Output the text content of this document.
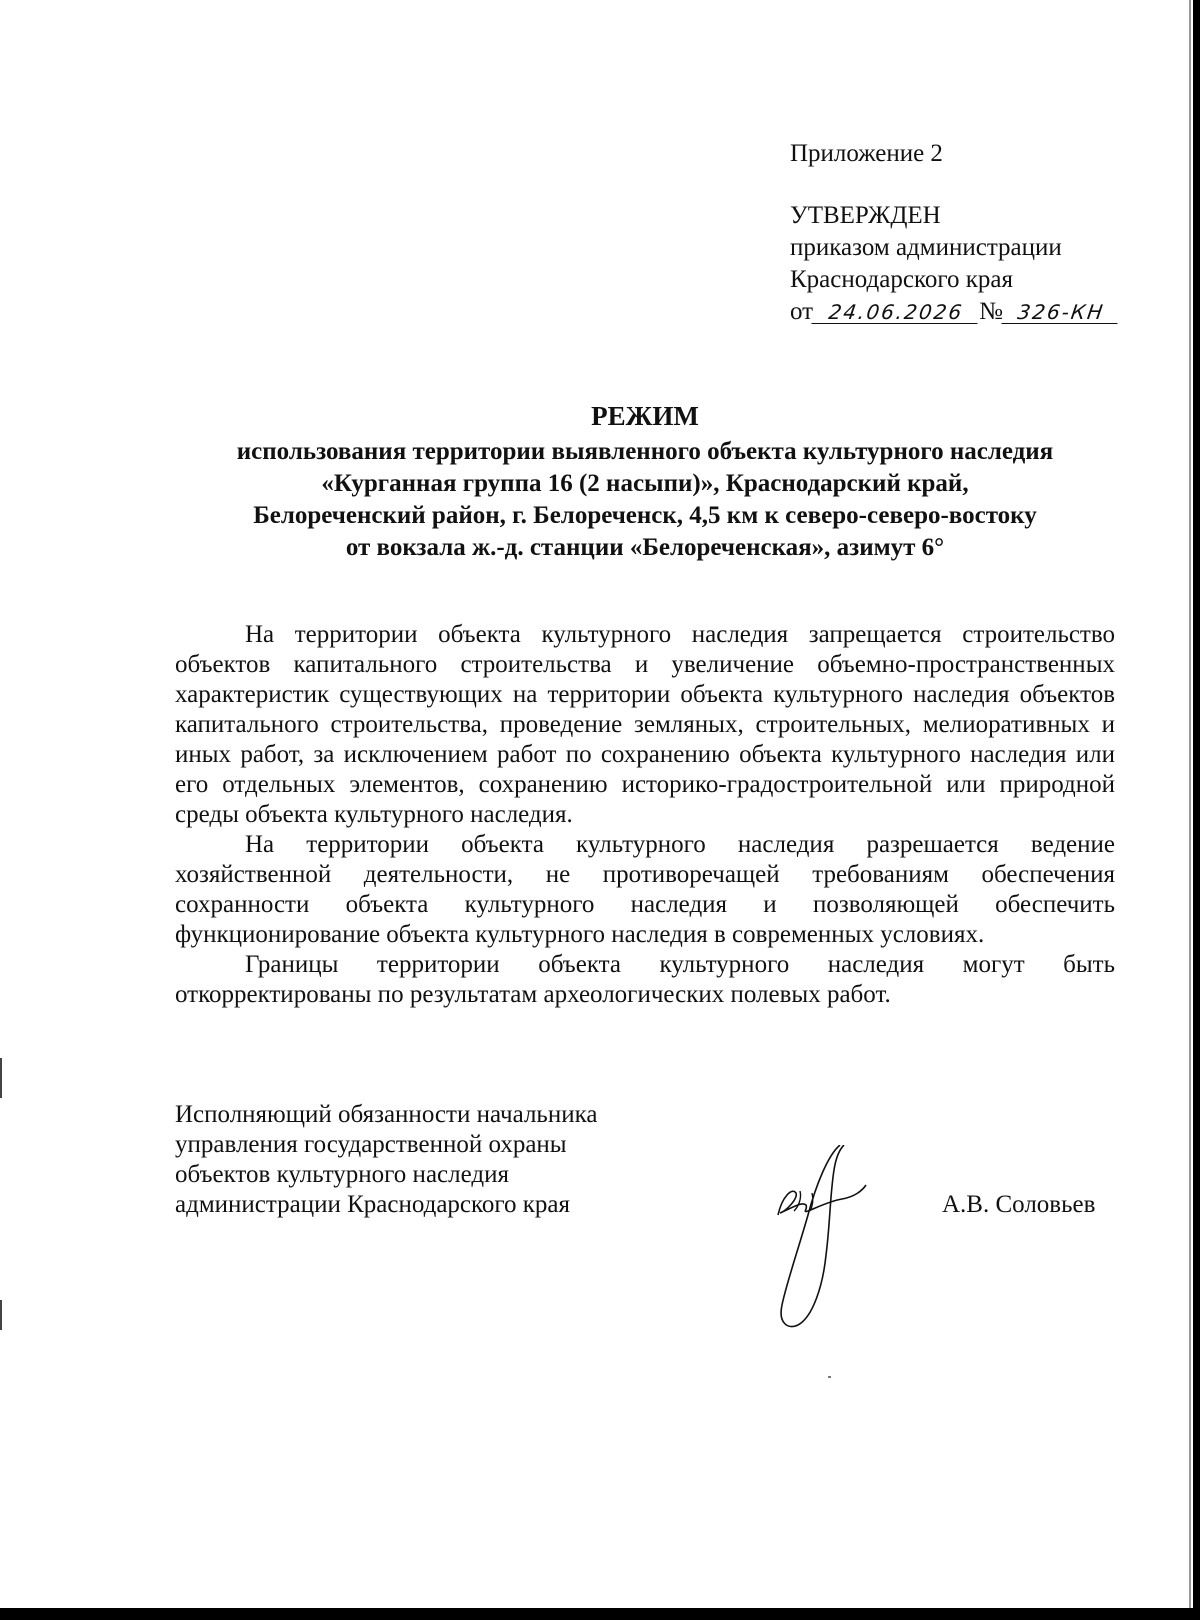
Приложение 2
УТВЕРЖДЕН
приказом администрации
Краснодарского края
от 24.06.2026 № 326-КН
РЕЖИМ
использования территории выявленного объекта культурного наследия
«Курганная группа 16 (2 насыпи)», Краснодарский край,
Белореченский район, г. Белореченск, 4,5 км к северо-северо-востоку
от вокзала ж.-д. станции «Белореченская», азимут 6°

На территории объекта культурного наследия запрещается строительство объектов капитального строительства и увеличение объемно-пространственных характеристик существующих на территории объекта культурного наследия объектов капитального строительства, проведение земляных, строительных, мелиоративных и иных работ, за исключением работ по сохранению объекта культурного наследия или его отдельных элементов, сохранению историко-градостроительной или природной среды объекта культурного наследия.

На территории объекта культурного наследия разрешается ведение хозяйственной деятельности, не противоречащей требованиям обеспечения сохранности объекта культурного наследия и позволяющей обеспечить функционирование объекта культурного наследия в современных условиях.

Границы территории объекта культурного наследия могут быть откорректированы по результатам археологических полевых работ.

Исполняющий обязанности начальника
управления государственной охраны
объектов культурного наследия
администрации Краснодарского края	А.В. Соловьев
